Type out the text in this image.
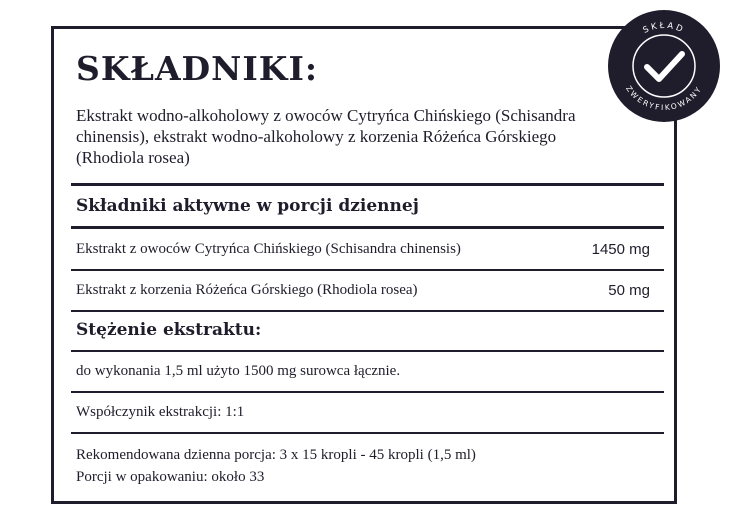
SKŁADNIKI:

Ekstrakt wodno-alkoholowy z owoców Cytryńca Chińskiego (Schisandra chinensis), ekstrakt wodno-alkoholowy z korzenia Różeńca Górskiego (Rhodiola rosea)

Składniki aktywne w porcji dziennej

Ekstrakt z owoców Cytryńca Chińskiego (Schisandra chinensis)	1450 mg

Ekstrakt z korzenia Różeńca Górskiego (Rhodiola rosea)	50 mg

Stężenie ekstraktu:

do wykonania 1,5 ml użyto 1500 mg surowca łącznie.

Współczynik ekstrakcji: 1:1

Rekomendowana dzienna porcja: 3 x 15 kropli - 45 kropli (1,5 ml)

Porcji w opakowaniu: około 33

SKŁAD
ZWERYFIKOWANY
